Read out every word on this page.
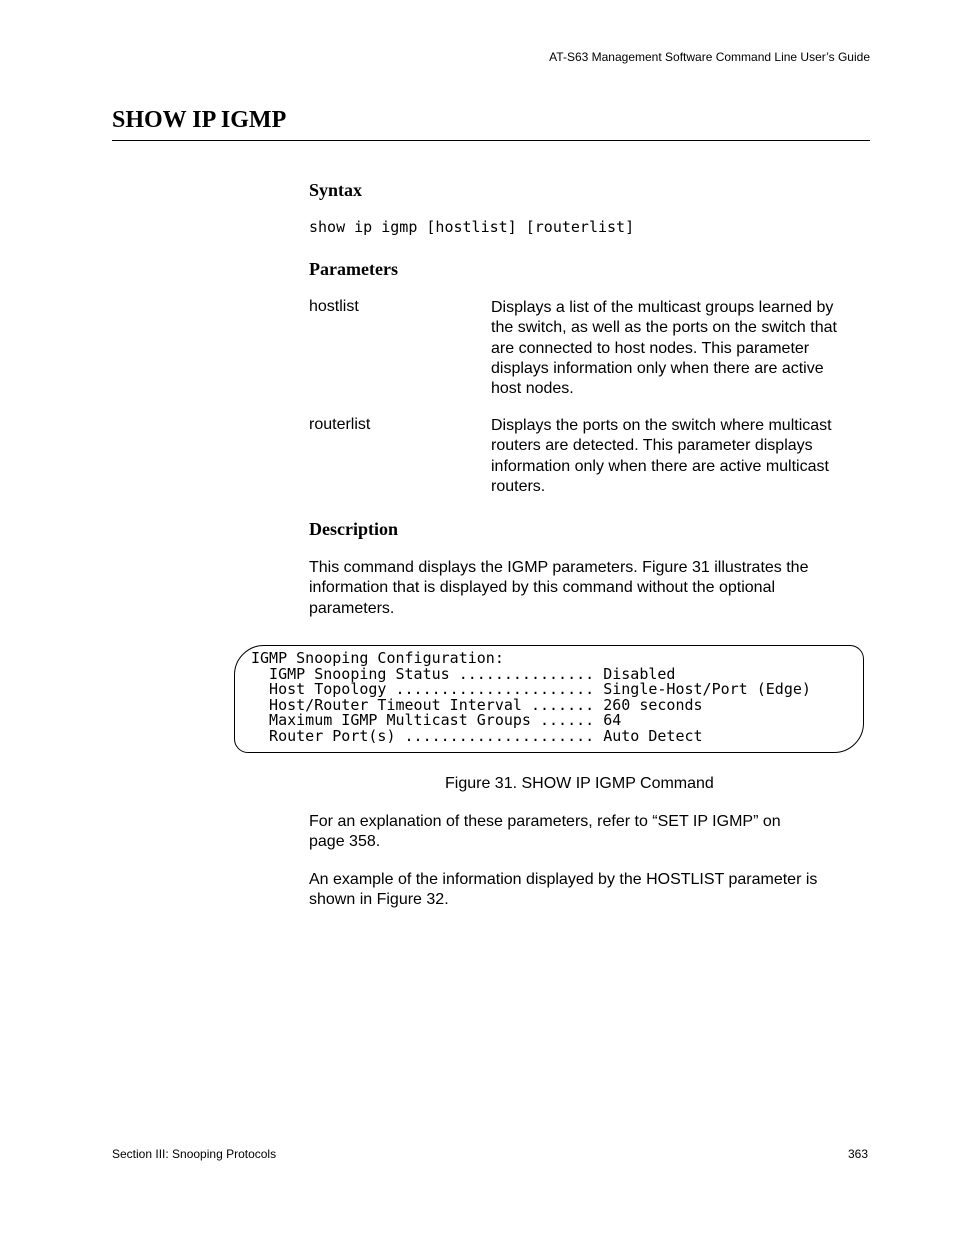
AT-S63 Management Software Command Line User’s Guide
SHOW IP IGMP
Syntax
show ip igmp [hostlist] [routerlist]
Parameters
hostlist	Displays a list of the multicast groups learned by
the switch, as well as the ports on the switch that
are connected to host nodes. This parameter
displays information only when there are active
host nodes.
routerlist	Displays the ports on the switch where multicast
routers are detected. This parameter displays
information only when there are active multicast
routers.
Description
This command displays the IGMP parameters. Figure 31 illustrates the
information that is displayed by this command without the optional
parameters.
IGMP Snooping Configuration:
IGMP Snooping Status ............... Disabled
Host Topology ...................... Single-Host/Port (Edge)
Host/Router Timeout Interval ....... 260 seconds
Maximum IGMP Multicast Groups ...... 64
Router Port(s) ..................... Auto Detect
Figure 31. SHOW IP IGMP Command
For an explanation of these parameters, refer to “SET IP IGMP” on
page 358.
An example of the information displayed by the HOSTLIST parameter is
shown in Figure 32.
Section III: Snooping Protocols	363
